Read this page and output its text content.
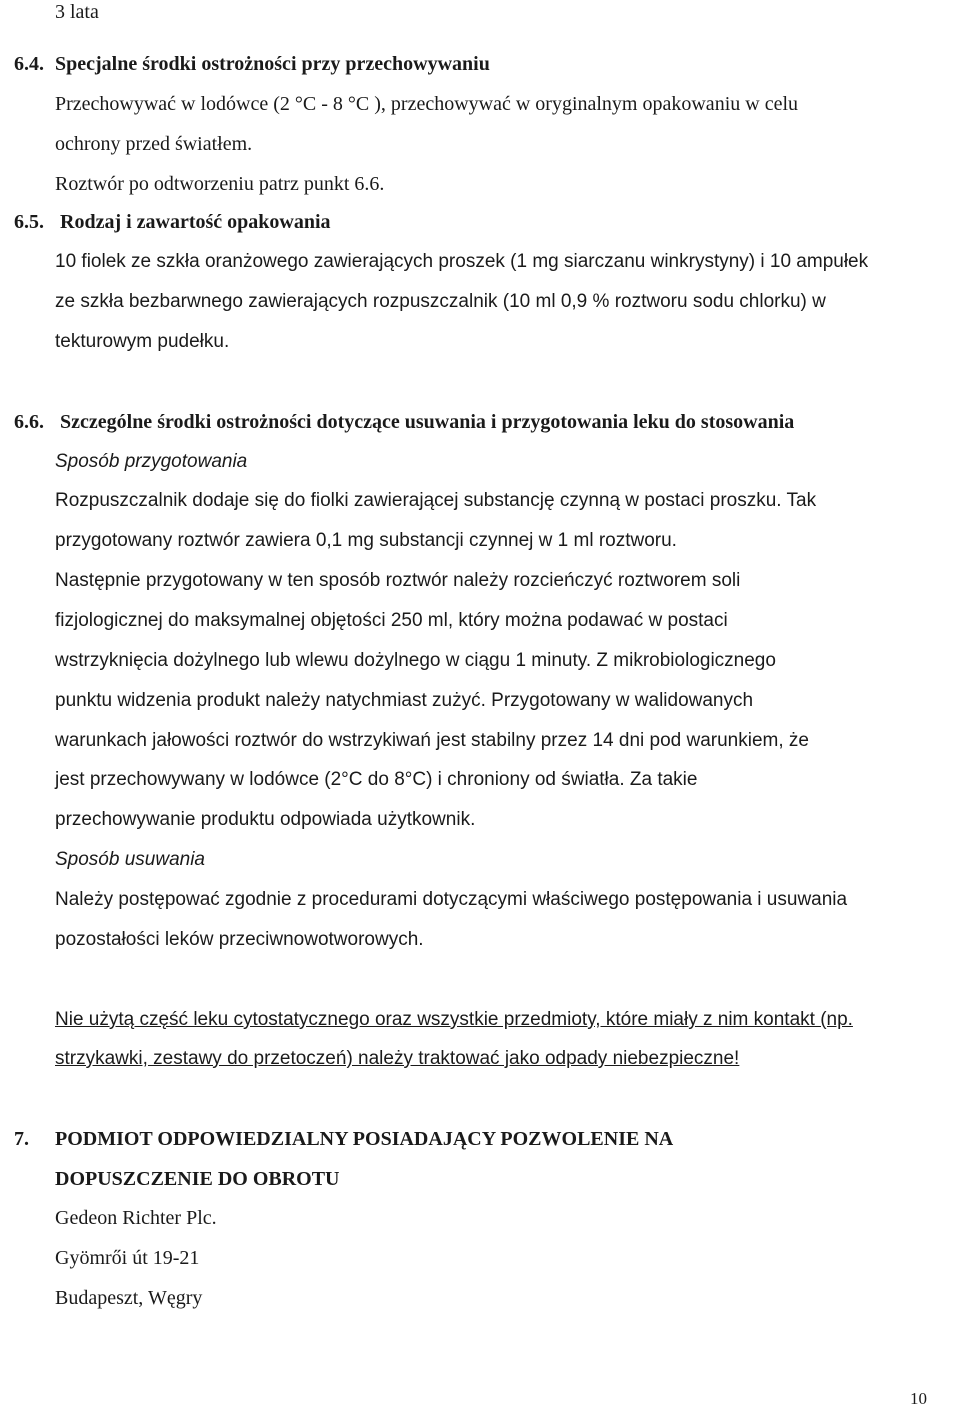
3 lata
6.4. Specjalne środki ostrożności przy przechowywaniu
Przechowywać w lodówce (2 °C - 8 °C ), przechowywać w oryginalnym opakowaniu w celu
ochrony przed światłem.
Roztwór po odtworzeniu patrz punkt 6.6.
6.5. Rodzaj i zawartość opakowania
10 fiolek ze szkła oranżowego zawierających proszek (1 mg siarczanu winkrystyny) i 10 ampułek
ze szkła bezbarwnego zawierających rozpuszczalnik (10 ml 0,9 % roztworu sodu chlorku) w
tekturowym pudełku.
6.6. Szczególne środki ostrożności dotyczące usuwania i przygotowania leku do stosowania
Sposób przygotowania
Rozpuszczalnik dodaje się do fiolki zawierającej substancję czynną w postaci proszku. Tak
przygotowany roztwór zawiera 0,1 mg substancji czynnej w 1 ml roztworu.
Następnie przygotowany w ten sposób roztwór należy rozcieńczyć roztworem soli
fizjologicznej do maksymalnej objętości 250 ml, który można podawać w postaci
wstrzyknięcia dożylnego lub wlewu dożylnego w ciągu 1 minuty. Z mikrobiologicznego
punktu widzenia produkt należy natychmiast zużyć. Przygotowany w walidowanych
warunkach jałowości roztwór do wstrzykiwań jest stabilny przez 14 dni pod warunkiem, że
jest przechowywany w lodówce (2°C do 8°C) i chroniony od światła. Za takie
przechowywanie produktu odpowiada użytkownik.
Sposób usuwania
Należy postępować zgodnie z procedurami dotyczącymi właściwego postępowania i usuwania
pozostałości leków przeciwnowotworowych.
Nie użytą część leku cytostatycznego oraz wszystkie przedmioty, które miały z nim kontakt (np.
strzykawki, zestawy do przetoczeń) należy traktować jako odpady niebezpieczne!
7. PODMIOT ODPOWIEDZIALNY POSIADAJĄCY POZWOLENIE NA
DOPUSZCZENIE DO OBROTU
Gedeon Richter Plc.
Gyömrői út 19-21
Budapeszt, Węgry
10
